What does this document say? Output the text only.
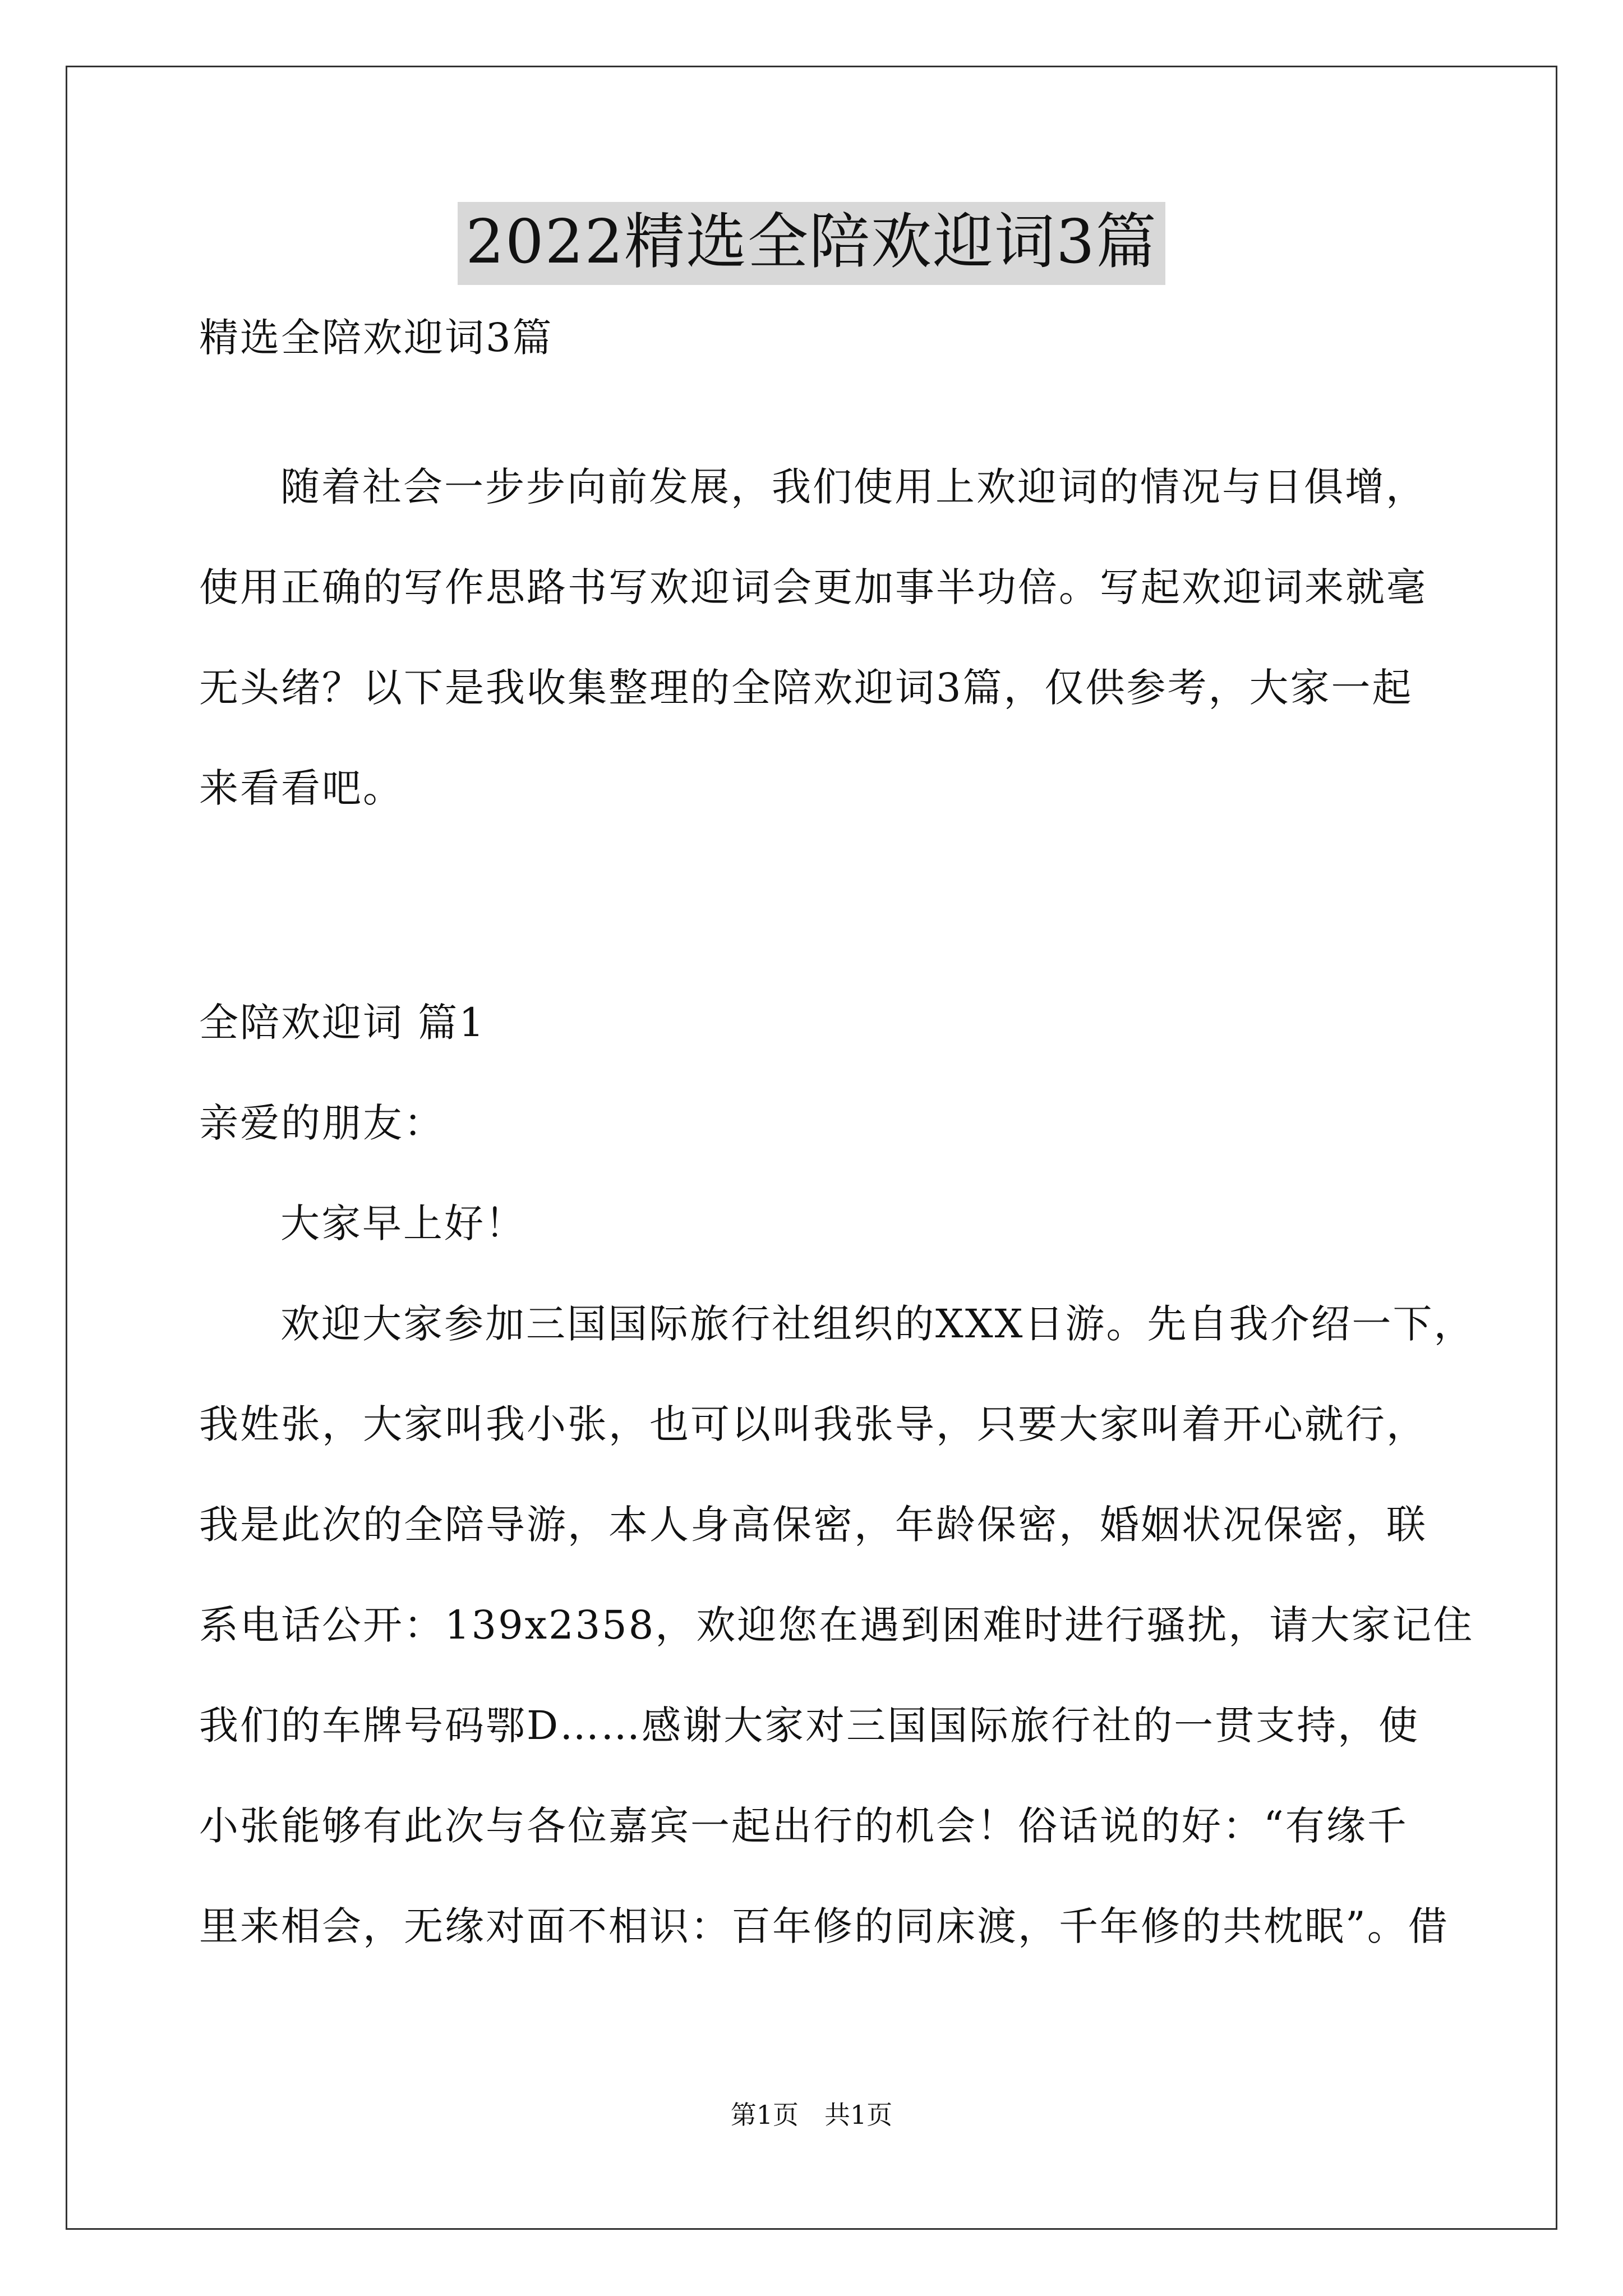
2022精选全陪欢迎词3篇
精选全陪欢迎词3篇
随着社会一步步向前发展，我们使用上欢迎词的情况与日俱增，
使用正确的写作思路书写欢迎词会更加事半功倍。写起欢迎词来就毫
无头绪？以下是我收集整理的全陪欢迎词3篇，仅供参考，大家一起
来看看吧。
全陪欢迎词 篇1
亲爱的朋友：
大家早上好！
欢迎大家参加三国国际旅行社组织的XXX日游。先自我介绍一下，
我姓张，大家叫我小张，也可以叫我张导，只要大家叫着开心就行，
我是此次的全陪导游，本人身高保密，年龄保密，婚姻状况保密，联
系电话公开：139x2358，欢迎您在遇到困难时进行骚扰，请大家记住
我们的车牌号码鄂D……感谢大家对三国国际旅行社的一贯支持，使
小张能够有此次与各位嘉宾一起出行的机会！俗话说的好：“有缘千
里来相会，无缘对面不相识：百年修的同床渡，千年修的共枕眠”。借
第1页　共1页
